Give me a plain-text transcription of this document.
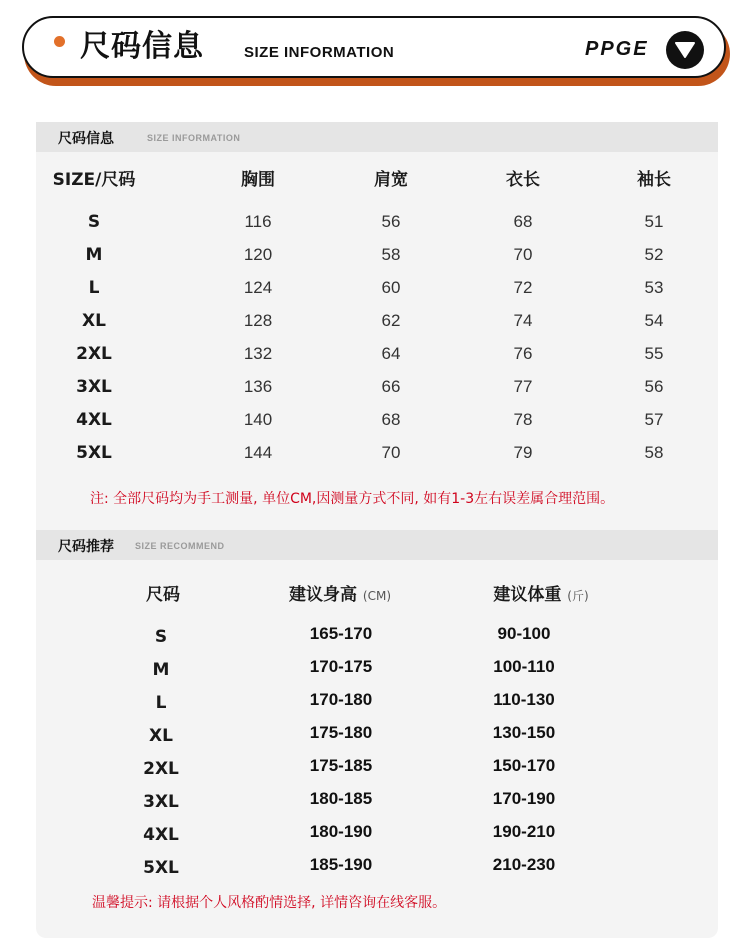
尺码信息	SIZE INFORMATION	PPGE
尺码信息	SIZE INFORMATION
SIZE/尺码	胸围	肩宽	衣长	袖长
S	116	56	68	51
M	120	58	70	52
L	124	60	72	53
XL	128	62	74	54
2XL	132	64	76	55
3XL	136	66	77	56
4XL	140	68	78	57
5XL	144	70	79	58
注: 全部尺码均为手工测量, 单位CM,因测量方式不同, 如有1-3左右误差属合理范围。
尺码推荐 SIZE RECOMMEND
尺码	建议身高 (CM)	建议体重 (斤)
S	165-170	90-100
M	170-175	100-110
L	170-180	110-130
XL	175-180	130-150
2XL	175-185	150-170
3XL	180-185	170-190
4XL	180-190	190-210
5XL	185-190	210-230
温馨提示: 请根据个人风格酌情选择, 详情咨询在线客服。
